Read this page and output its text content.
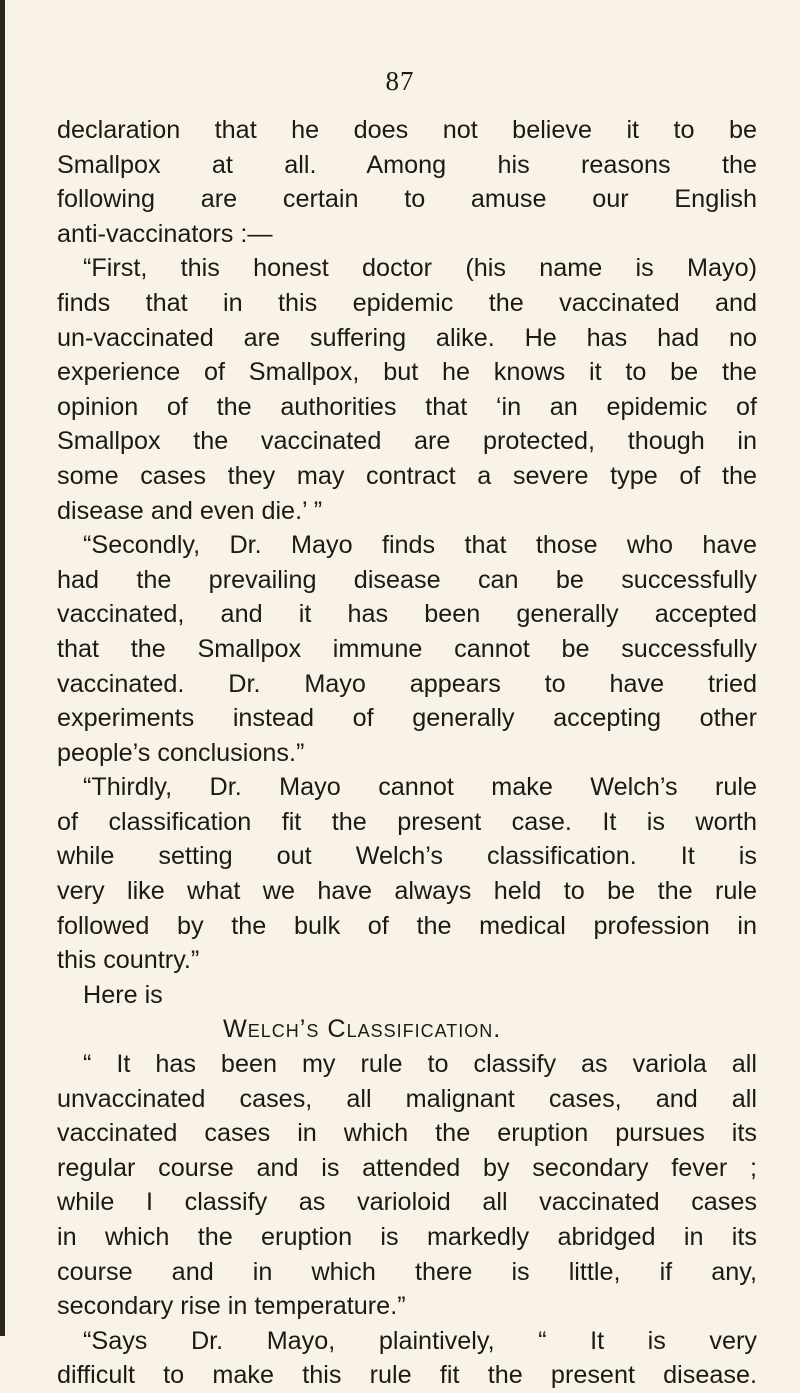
87
declaration that he does not believe it to be
Smallpox at all. Among his reasons the
following are certain to amuse our English
anti-vaccinators :—
“First, this honest doctor (his name is Mayo)
finds that in this epidemic the vaccinated and
un-vaccinated are suffering alike. He has had no
experience of Smallpox, but he knows it to be the
opinion of the authorities that ‘in an epidemic of
Smallpox the vaccinated are protected, though in
some cases they may contract a severe type of the
disease and even die.’ ”
“Secondly, Dr. Mayo finds that those who have
had the prevailing disease can be successfully
vaccinated, and it has been generally accepted
that the Smallpox immune cannot be successfully
vaccinated. Dr. Mayo appears to have tried
experiments instead of generally accepting other
people’s conclusions.”
“Thirdly, Dr. Mayo cannot make Welch’s rule
of classification fit the present case. It is worth
while setting out Welch’s classification. It is
very like what we have always held to be the rule
followed by the bulk of the medical profession in
this country.”
Here is
Welch’s Classification.
“ It has been my rule to classify as variola all
unvaccinated cases, all malignant cases, and all
vaccinated cases in which the eruption pursues its
regular course and is attended by secondary fever ;
while I classify as varioloid all vaccinated cases
in which the eruption is markedly abridged in its
course and in which there is little, if any,
secondary rise in temperature.”
“Says Dr. Mayo, plaintively, “ It is very
difficult to make this rule fit the present disease.
